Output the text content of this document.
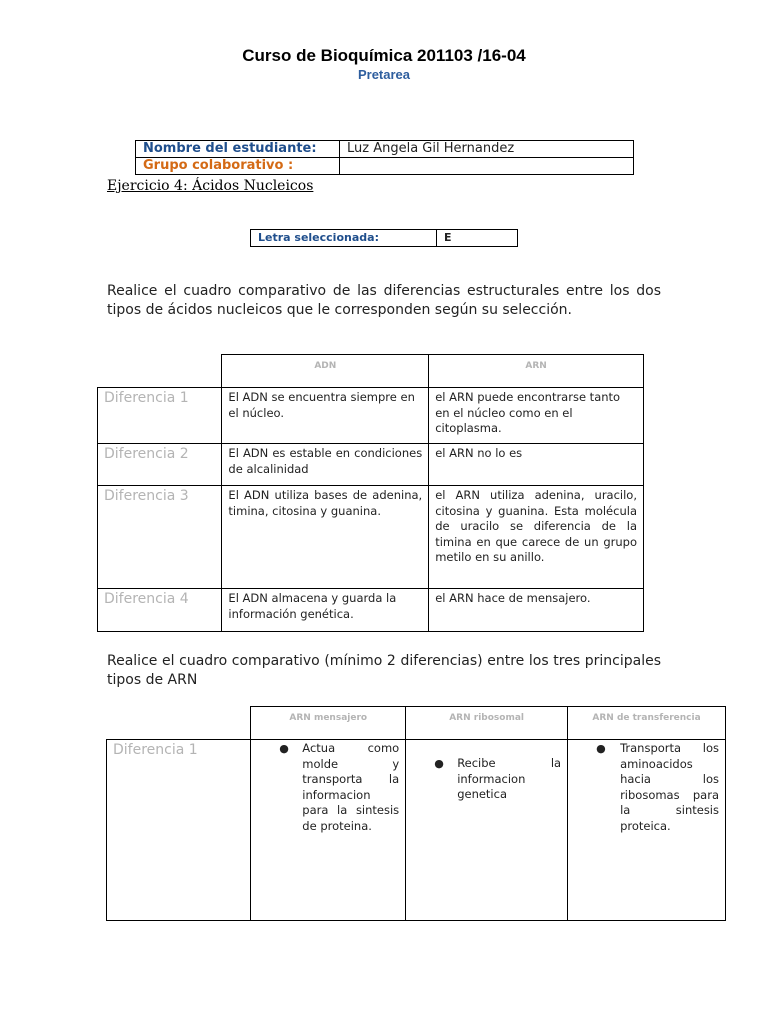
Curso de Bioquímica 201103 /16-04
Pretarea
Nombre del estudiante:	Luz Angela Gil Hernandez
Grupo colaborativo :	
Ejercicio 4: Ácidos Nucleicos
Letra seleccionada:	E
Realice el cuadro comparativo de las diferencias estructurales entre los dos tipos de ácidos nucleicos que le corresponden según su selección.
	ADN	ARN
Diferencia 1	El ADN se encuentra siempre en el núcleo.	el ARN puede encontrarse tanto en el núcleo como en el citoplasma.
Diferencia 2	El ADN es estable en condiciones de alcalinidad	el ARN no lo es
Diferencia 3	El ADN utiliza bases de adenina, timina, citosina y guanina.	el ARN utiliza adenina, uracilo, citosina y guanina. Esta molécula de uracilo se diferencia de la timina en que carece de un grupo metilo en su anillo.
Diferencia 4	El ADN almacena y guarda la información genética.	el ARN hace de mensajero.
Realice el cuadro comparativo (mínimo 2 diferencias) entre los tres principales tipos de ARN
	ARN mensajero	ARN ribosomal	ARN de transferencia
Diferencia 1	● Actua como molde y transporta la informacion para la sintesis de proteina.	● Recibe la informacion genetica	● Transporta los aminoacidos hacia los ribosomas para la sintesis proteica.
